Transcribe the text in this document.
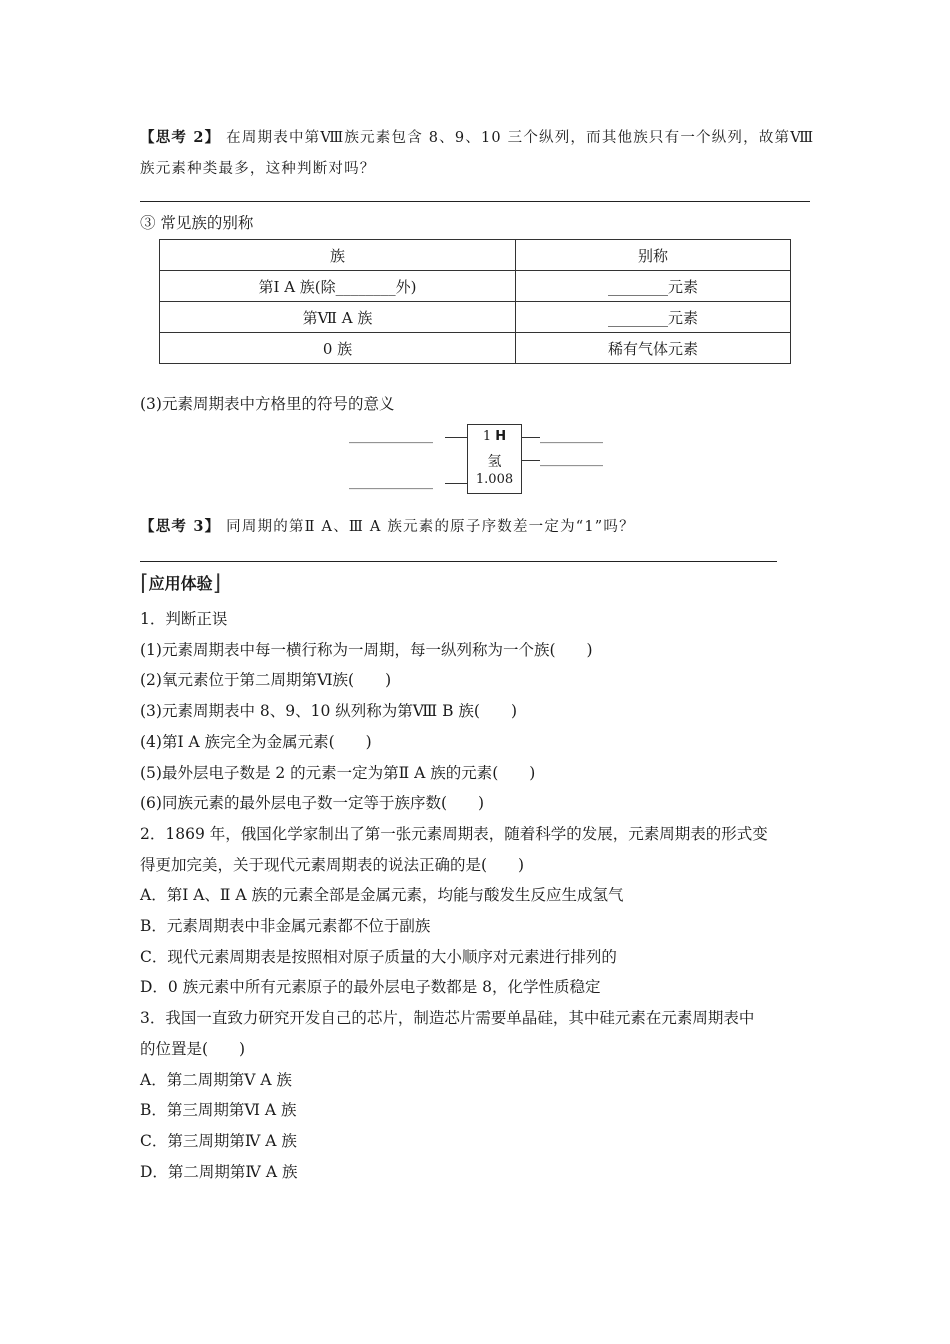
【思考 2】 在周期表中第Ⅷ族元素包含 8、9、10 三个纵列，而其他族只有一个纵列，故第Ⅷ
族元素种类最多，这种判断对吗？
③ 常见族的别称
族	别称
第Ⅰ A 族(除________外)	________元素
第Ⅶ A 族	________元素
0 族	稀有气体元素
(3)元素周期表中方格里的符号的意义
____________
____________
1 H
氢
1.008
_________
_________
【思考 3】 同周期的第Ⅱ A、Ⅲ A 族元素的原子序数差一定为“1”吗？
⌈应用体验⌋
1．判断正误
(1)元素周期表中每一横行称为一周期，每一纵列称为一个族(　　)
(2)氧元素位于第二周期第Ⅵ族(　　)
(3)元素周期表中 8、9、10 纵列称为第Ⅷ B 族(　　)
(4)第Ⅰ A 族完全为金属元素(　　)
(5)最外层电子数是 2 的元素一定为第Ⅱ A 族的元素(　　)
(6)同族元素的最外层电子数一定等于族序数(　　)
2．1869 年，俄国化学家制出了第一张元素周期表，随着科学的发展，元素周期表的形式变
得更加完美，关于现代元素周期表的说法正确的是(　　)
A．第Ⅰ A、Ⅱ A 族的元素全部是金属元素，均能与酸发生反应生成氢气
B．元素周期表中非金属元素都不位于副族
C．现代元素周期表是按照相对原子质量的大小顺序对元素进行排列的
D．0 族元素中所有元素原子的最外层电子数都是 8，化学性质稳定
3．我国一直致力研究开发自己的芯片，制造芯片需要单晶硅，其中硅元素在元素周期表中
的位置是(　　)
A．第二周期第Ⅴ A 族
B．第三周期第Ⅵ A 族
C．第三周期第Ⅳ A 族
D．第二周期第Ⅳ A 族
